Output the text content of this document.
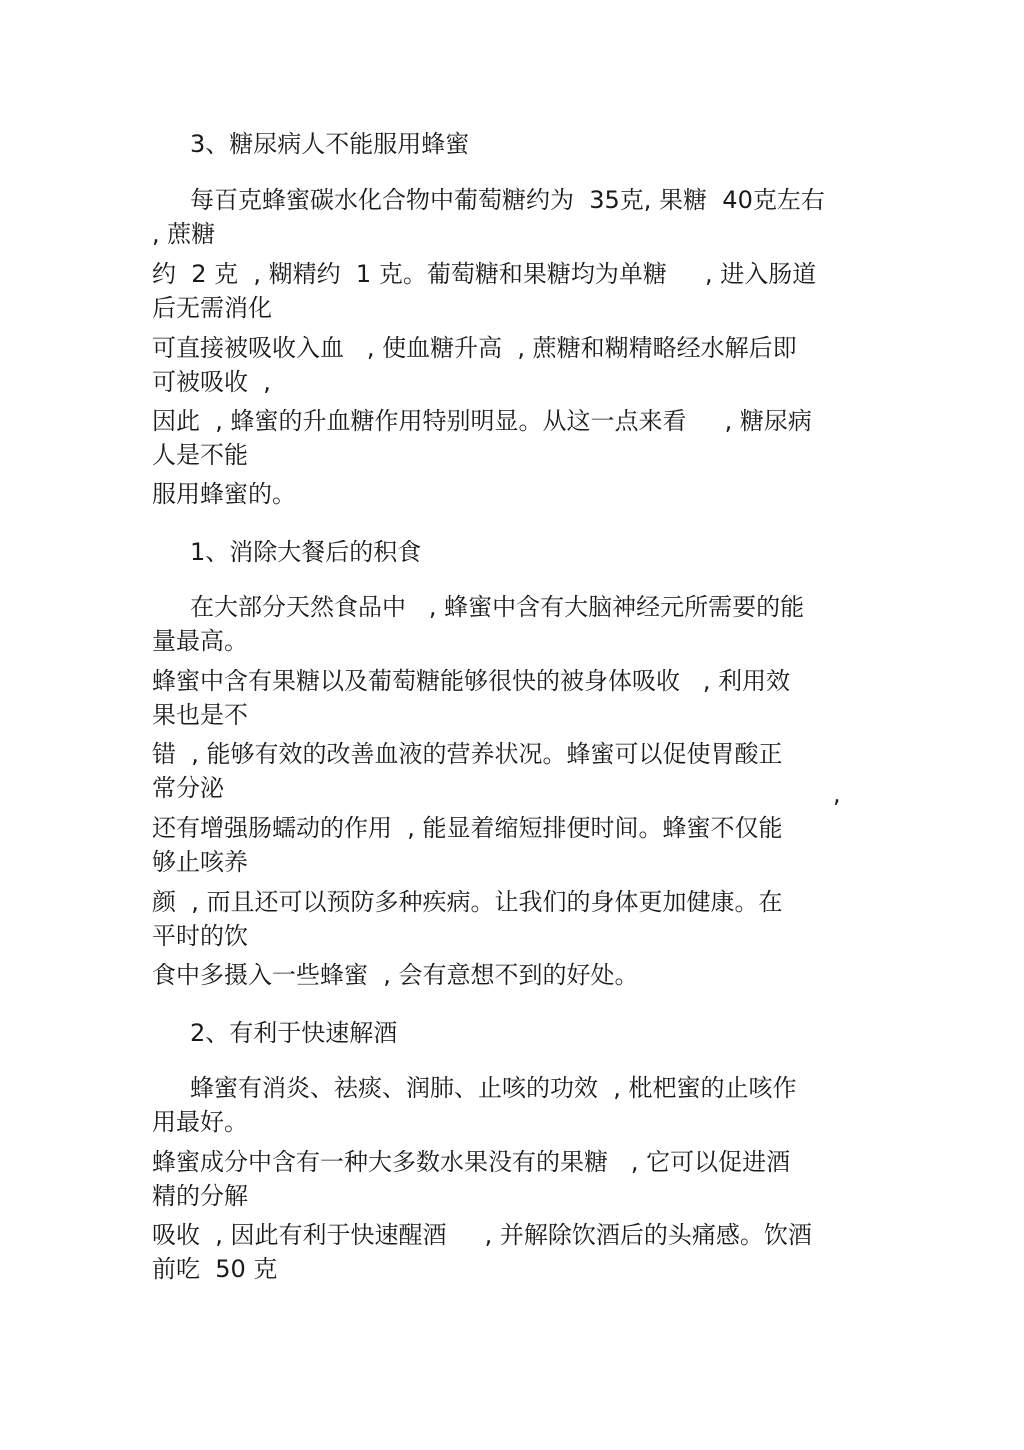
3、糖尿病人不能服用蜂蜜
每百克蜂蜜碳水化合物中葡萄糖约为  35克, 果糖  40克左右
, 蔗糖
约  2 克  , 糊精约  1 克。葡萄糖和果糖均为单糖     , 进入肠道
后无需消化
可直接被吸收入血   , 使血糖升高  , 蔗糖和糊精略经水解后即
可被吸收  ,
因此  , 蜂蜜的升血糖作用特别明显。从这一点来看     , 糖尿病
人是不能
服用蜂蜜的。
1、消除大餐后的积食
在大部分天然食品中   , 蜂蜜中含有大脑神经元所需要的能
量最高。
蜂蜜中含有果糖以及葡萄糖能够很快的被身体吸收   , 利用效
果也是不
错  , 能够有效的改善血液的营养状况。蜂蜜可以促使胃酸正
常分泌	,
还有增强肠蠕动的作用  , 能显着缩短排便时间。蜂蜜不仅能
够止咳养
颜  , 而且还可以预防多种疾病。让我们的身体更加健康。在
平时的饮
食中多摄入一些蜂蜜  , 会有意想不到的好处。
2、有利于快速解酒
蜂蜜有消炎、祛痰、润肺、止咳的功效  , 枇杷蜜的止咳作
用最好。
蜂蜜成分中含有一种大多数水果没有的果糖   , 它可以促进酒
精的分解
吸收  , 因此有利于快速醒酒     , 并解除饮酒后的头痛感。饮酒
前吃  50 克
